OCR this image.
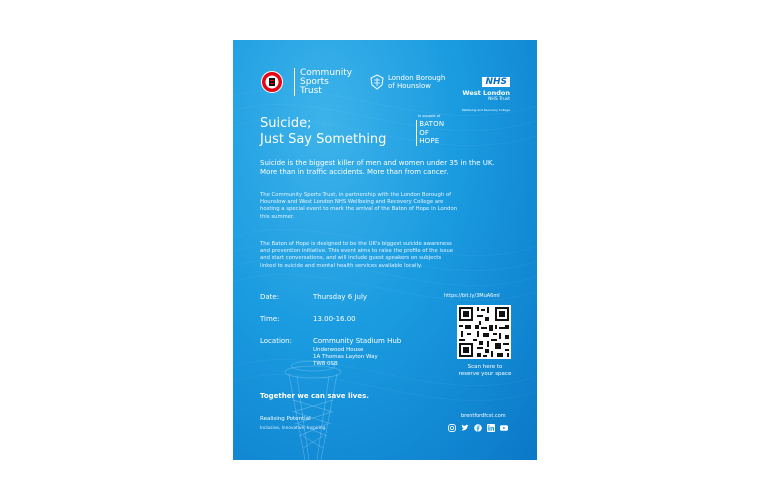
Community
Sports
Trust
London Borough
of Hounslow	NHS
West London
NHS Trust
Wellbeing and Recovery College
Suicide;
Just Say Something
in support of
BATON
OF
HOPE
Suicide is the biggest killer of men and women under 35 in the UK.
More than in traffic accidents. More than from cancer.
The Community Sports Trust, in partnership with the London Borough of
Hounslow and West London NHS Wellbeing and Recovery College are
hosting a special event to mark the arrival of the Baton of Hope in London
this summer.
The Baton of Hope is designed to be the UK's biggest suicide awareness
and prevention initiative. This event aims to raise the profile of the issue
and start conversations, and will include guest speakers on subjects
linked to suicide and mental health services available locally.
Date:	Thursday 6 July
Time:	13.00-16.00
Location:	Community Stadium Hub
Underwood House
1A Thomas Layton Way
TW8 0SB
https://bit.ly/3MuA6mI
Scan here to
reserve your space
Together we can save lives.
Realising Potential
Inclusive, Innovative, Inspiring
brentfordfcst.com
